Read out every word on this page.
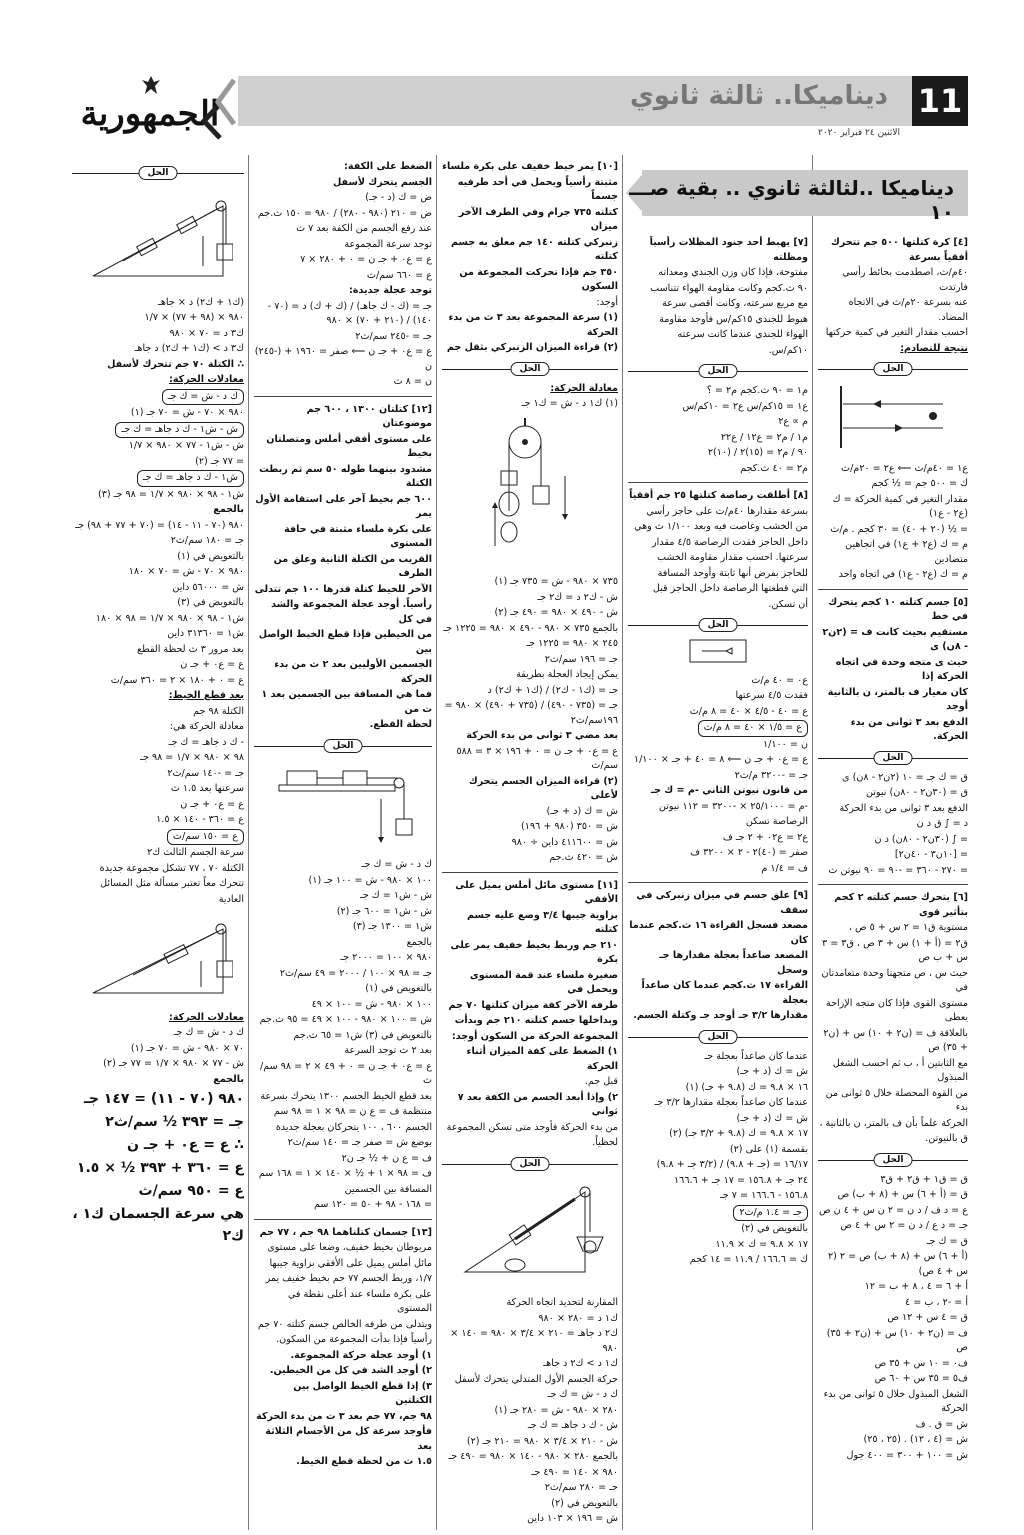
11
ديناميكا.. ثالثة ثانوي
الاثنين ٢٤ فبراير ٢٠٢٠
الجمهورية
ديناميكا ..لثالثة ثانوي .. بقية صـــ ١٠

[٤] كرة كتلتها ٥٠٠ جم تتحرك أفقياً بسرعة

٤٠م/ث، اصطدمت بحائط رأسي فارتدت

عنه بسرعة ٢٠م/ث في الاتجاه المضاد.

احسب مقدار التغير في كمية حركتها

نتيجة للتصادم:

الحل

ع١ = ٤٠م/ث ⟸ ع٢ = ٢٠م/ث

ك = ٥٠٠ جم = ½ كجم

مقدار التغير في كمية الحركة = ك (ع٢ - ع١)

= ½ (٢٠ + ٤٠) = ٣٠ كجم . م/ث

م = ك (ع٢ + ع١) في اتجاهين متضادين

م = ك (ع٢ - ع١) في اتجاه واحد

[٥] جسم كتلته ١٠ كجم يتحرك في خط

مستقيم بحيث كانت ف = (٢ن٢ - ٨ن) ى

حيث ى متجه وحدة في اتجاه الحركة إذا

كان معيار ف بالمتر، ن بالثانية أوجد

الدفع بعد ٣ ثوانى من بدء الحركة.

الحل

ق = ك جـ = ١٠ (٢ن٢ - ٨ن) ى

ق = (٣٠ن٢ - ٨٠ن) نيوتن

الدفع بعد ٣ ثوانى من بدء الحركة

د = ∫ ق د ن

= ∫ (٣٠ن٢ - ٨٠ن) د ن

= [١٠ن٣ - ٤٠ن٢]

= ٢٧٠ - ٣٦٠ = -٩٠ = ٩٠ نيوتن ث

[٦] يتحرك جسم كتلته ٢ كجم بتأثير قوى

مستوية ق١ = ٢ س + ٥ ص ،

ق٢ = (أ + ١) س + ٣ ص ، ق٣ = ٣ س + ب ص

حيث س ، ص متجهتا وحدة متعامدتان في

مستوى القوى فإذا كان متجه الإزاحة يعطى

بالعلاقة ف = (ن٢ + ١٠) س + (ن٢ + ٣٥) ص

مع الثابتين أ ، ب ثم احسب الشغل المبذول

من القوة المحصلة خلال ٥ ثوانى من بدء

الحركة علماً بأن ف بالمتر، ن بالثانية ،

ق بالنيوتن.

الحل

ق = ق١ + ق٢ + ق٣

ق = (أ + ٦) س + (٨ + ب) ص

ع = د ف / د ن = ٢ ن س + ٤ ن ص

جـ = د ع / د ن = ٢ س + ٤ ص

ق = ك جـ

(أ + ٦) س + (٨ + ب) ص = ٢ (٢ س + ٤ ص)

أ + ٦ = ٤ ، ٨ + ب = ١٢

أ = -٢ ، ب = ٤

ق = ٤ س + ١٢ ص

ف = (ن٢ + ١٠) س + (ن٢ + ٣٥) ص

ف٠ = ١٠ س + ٣٥ ص

ف٥ = ٣٥ س + ٦٠ ص

الشغل المبذول خلال ٥ ثوانى من بدء الحركة

ش = ق . ف

ش = (٤ ، ١٢) . (٢٥ ، ٢٥)

ش = ١٠٠ + ٣٠٠ = ٤٠٠ جول

[٧] يهبط أحد جنود المظلات رأسياً ومظلته

مفتوحة، فإذا كان وزن الجندي ومعداته

٩٠ ث.كجم وكانت مقاومة الهواء تتناسب

مع مربع سرعته، وكانت أقصى سرعة

هبوط للجندي ١٥كم/س فأوجد مقاومة

الهواء للجندي عندما كانت سرعته

١٠كم/س.

الحل

م١ = ٩٠ ث.كجم م٢ = ؟

ع١ = ١٥كم/س ع٢ = ١٠كم/س

م ∝ ع٢

م١ / م٢ = ع١٢ / ع٢٢

٩٠ / م٢ = (١٥)٢ / (١٠)٢

م٢ = ٤٠ ث.كجم

[٨] أطلقت رصاصة كتلتها ٢٥ جم أفقياً

بسرعة مقدارها ٤٠م/ث على حاجز رأسي

من الخشب وغاصت فيه وبعد ١/١٠٠ ث وهي

داخل الحاجز فقدت الرصاصة ٤/٥ مقدار

سرعتها. احسب مقدار مقاومة الخشب

للحاجز بفرض أنها ثابتة وأوجد المسافة

التي قطعتها الرصاصة داخل الحاجز قبل

أن تسكن.

الحل

ع٠ = ٤٠ م/ث

فقدت ٤/٥ سرعتها

ع = ٤٠ - ٤/٥ × ٤٠ = ٨ م/ث

ع = ١/٥ × ٤٠ = ٨ م/ث

ن = ١/١٠٠

ع = ع٠ + جـ ن ⟸ ٨ = ٤٠ + جـ × ١/١٠٠

جـ = -٣٢٠٠ م/ث٢

من قانون نيوتن الثاني -م = ك جـ

-م = ٢٥/١٠٠٠ × -٣٢٠٠ = ١١٢ نيوتن

الرصاصة تسكن

ع٢ = ع٠٢ + ٢ جـ ف

صفر = (٤٠)٢ - ٢ × ٣٢٠٠ ف

ف = ١/٤ م

[٩] علق جسم في ميزان زنبركي في سقف

مصعد فسجل القراءة ١٦ ث.كجم عندما كان

المصعد صاعداً بعجلة مقدارها جـ وسجل

القراءة ١٧ ث.كجم عندما كان صاعداً بعجلة

مقدارها ٣/٢ جـ أوجد جـ وكتلة الجسم.

الحل

عندما كان صاعداً بعجلة جـ

ش = ك (د + جـ)

١٦ × ٩.٨ = ك (٩.٨ + جـ) (١)

عندما كان صاعداً بعجلة مقدارها ٣/٢ جـ

ش = ك (د + جـ)

١٧ × ٩.٨ = ك (٩.٨ + ٣/٢ جـ) (٢)

بقسمة (١) على (٢)

١٦/١٧ = (جـ + ٩.٨) / (٣/٢ جـ + ٩.٨)

٢٤ جـ + ١٥٦.٨ = ١٧ جـ + ١٦٦.٦

١٥٦.٨ - ١٦٦.٦ = ٧ جـ

جـ = ١.٤ م/ث٢

بالتعويض في (٢)

١٧ × ٩.٨ = ك × ١١.٩

ك = ١٦٦.٦ / ١١.٩ = ١٤ كجم

[١٠] يمر خيط خفيف على بكرة ملساء

مثبتة رأسياً ويحمل في أحد طرفيه جسماً

كتلته ٧٣٥ جرام وفي الطرف الآخر ميزان

زنبركي كتلته ١٤٠ جم معلق به جسم كتلته

٣٥٠ جم فإذا تحركت المجموعة من السكون

أوجد:

(١) سرعة المجموعة بعد ٣ ث من بدء الحركة

(٢) قراءة الميزان الزنبركي بثقل جم

الحل

معادلة الحركة:

(١) ك١ د - ش = ك١ جـ

٧٣٥ × ٩٨٠ - ش = ٧٣٥ جـ (١)

ش - ك٢ د = ك٢ جـ

ش - ٤٩٠ × ٩٨٠ = ٤٩٠ جـ (٢)

بالجمع ٧٣٥ × ٩٨٠ - ٤٩٠ × ٩٨٠ = ١٢٢٥ جـ

٢٤٥ × ٩٨٠ = ١٢٢٥ جـ

جـ = ١٩٦ سم/ث٢

يمكن إيجاد العجلة بطريقة

جـ = (ك١ - ك٢) / (ك١ + ك٢) د

جـ = (٧٣٥ - ٤٩٠) / (٧٣٥ + ٤٩٠) × ٩٨٠ = ١٩٦سم/ث٢

بعد مضي ٣ ثوانى من بدء الحركة

ع = ع٠ + جـ ن = ٠ + ١٩٦ × ٣ = ٥٨٨ سم/ث

(٢) قراءة الميزان الجسم يتحرك لأعلى

ش = ك (د + جـ)

ش = ٣٥٠ (٩٨٠ + ١٩٦)

ش = ٤١١٦٠٠ داين ÷ ٩٨٠

ش = ٤٢٠ ث.جم

[١١] مستوى مائل أملس يميل على الأفقي

بزاوية جيبها ٣/٤ وضع عليه جسم كتلته

٢١٠ جم وربط بخيط خفيف يمر على بكرة

صغيرة ملساء عند قمة المستوى ويحمل في

طرفه الآخر كفة ميزان كتلتها ٧٠ جم

وبداخلها جسم كتلته ٢١٠ جم وبدأت

المجموعة الحركة من السكون أوجد:

١) الضغط على كفة الميزان أثناء الحركة

قبل جم.

٢) وإذا أبعد الجسم من الكفة بعد ٧ ثواني

من بدء الحركة فأوجد متى تسكن المجموعة

لحظياً.

الحل

المقارنة لتحديد اتجاه الحركة

ك١ د = ٢٨٠ × ٩٨٠

ك٢ د جاهـ = ٢١٠ × ٣/٤ × ٩٨٠ = ١٤٠ × ٩٨٠

ك١ د > ك٢ د جاهـ

حركة الجسم الأول المتدلي يتحرك لأسفل

ك د - ش = ك جـ

٢٨٠ × ٩٨٠ - ش = ٢٨٠ جـ (١)

ش - ك د جاهـ = ك جـ

ش - ٢١٠ × ٣/٤ × ٩٨٠ = ٢١٠ جـ (٢)

بالجمع ٢٨٠ × ٩٨٠ - ١٤٠ × ٩٨٠ = ٤٩٠ جـ

٩٨٠ × ١٤٠ = ٤٩٠ جـ

جـ = ٢٨٠ سم/ث٢

بالتعويض في (٢)

ش = ١٩٦ × ١٠٣ داين

الضغط على الكفة:

الجسم يتحرك لأسفل

ض = ك (د - جـ)

ض = ٢١٠ (٩٨٠ - ٢٨٠) / ٩٨٠ = ١٥٠ ث.جم

عند رفع الجسم من الكفة بعد ٧ ث

توجد سرعة المجموعة

ع = ع٠ + جـ ن = ٠ + ٢٨٠ × ٧

ع = ٦٦٠ سم/ث

توجد عجلة جديدة:

جـ = (ك - ك جاهـ) / (ك + ك) د = (٧٠ - ١٤٠) / (٢١٠ + ٧٠) × ٩٨٠

جـ = -٢٤٥ سم/ث٢

ع = ع٠ + جـ ن ⟸ صفر = ١٩٦٠ + (-٢٤٥) ن

ن = ٨ ث

[١٢] كتلتان ١٣٠٠ ، ٦٠٠ جم موضوعتان

على مستوى أفقي أملس ومتصلتان بخيط

مشدود بينهما طوله ٥٠ سم ثم ربطت الكتلة

٦٠٠ جم بخيط آخر على استقامة الأول يمر

على بكرة ملساء مثبتة في حافة المستوى

القريب من الكتلة الثانية وعلق من الطرف

الآخر للخيط كتلة قدرها ١٠٠ جم تتدلى

رأسياً. أوجد عجلة المجموعة والشد في كل

من الخيطين فإذا قطع الخيط الواصل بين

الجسمين الأوليين بعد ٢ ث من بدء الحركة

فما هي المسافة بين الجسمين بعد ١ ث من

لحظة القطع.

الحل

ك د - ش = ك جـ

١٠٠ × ٩٨٠ - ش = ١٠٠ جـ (١)

ش - ش١ = ك جـ

ش - ش١ = ٦٠٠ جـ (٢)

ش١ = ١٣٠٠ جـ (٣)

بالجمع

٩٨٠ × ١٠٠ = ٢٠٠٠ جـ

جـ = ٩٨ × ١٠٠ / ٢٠٠٠ = ٤٩ سم/ث٢

بالتعويض في (١)

١٠٠ × ٩٨٠ - ش = ١٠٠ × ٤٩

ش = ١٠٠ × ٩٨٠ - ١٠٠ × ٤٩ = ٩٥ ث.جم

بالتعويض في (٣) ش١ = ٦٥ ث.جم

بعد ٢ ث توجد السرعة

ع = ع٠ + جـ ن = ٠ + ٤٩ × ٢ = ٩٨ سم/ث

بعد قطع الخيط الجسم ١٣٠٠ يتحرك بسرعة

منتظمة ف = ع ن = ٩٨ × ١ = ٩٨ سم

الجسم ٦٠٠ ، ١٠٠ يتحركان بعجلة جديدة

بوضع ش = صفر جـ = ١٤٠ سم/ث٢

ف = ع ن + ½ جـ ن٢

ف = ٩٨ × ١ + ½ × ١٤٠ × ١ = ١٦٨ سم

المسافة بين الجسمين

= ١٦٨ - ٩٨ + ٥٠ = ١٢٠ سم

[١٣] جسمان كتلتاهما ٩٨ جم ، ٧٧ جم

مربوطان بخيط خفيف، وضعا على مستوى

مائل أملس يميل على الأفقي بزاوية جيبها

١/٧، وربط الجسم ٧٧ جم بخيط خفيف يمر

على بكرة ملساء عند أعلى نقطة في المستوى

ويتدلى من طرفه الخالص جسم كتلته ٧٠ جم

رأسياً فإذا بدأت المجموعة من السكون.

١) أوجد عجلة حركة المجموعة.

٢) أوجد الشد في كل من الخيطين.

٣) إذا قطع الخيط الواصل بين الكتلتين

٩٨ جم، ٧٧ جم بعد ٣ ث من بدء الحركة

فأوجد سرعة كل من الأجسام الثلاثة بعد

١.٥ ث من لحظة قطع الخيط.

الحل

(ك١ + ك٢) د × جاهـ

٩٨٠ × (٩٨ + ٧٧) × ١/٧

ك٣ د = ٧٠ × ٩٨٠

ك٣ د > (ك١ + ك٢) د جاهـ

∴ الكتلة ٧٠ جم تتحرك لأسفل

معادلات الحركة:

ك د - ش = ك جـ

٩٨٠ × ٧٠ - ش = ٧٠ جـ (١)

ش - ش١ - ك د جاهـ = ك جـ

ش - ش١ - ٧٧ × ٩٨٠ × ١/٧

= ٧٧ جـ (٢)

ش١ - ك د جاهـ = ك جـ

ش١ - ٩٨ × ٩٨٠ × ١/٧ = ٩٨ جـ (٣)

بالجمع

٩٨٠ (٧٠ - ١١ - ١٤) = (٧٠ + ٧٧ + ٩٨) جـ

جـ = ١٨٠ سم/ث٢

بالتعويض في (١)

٩٨٠ × ٧٠ - ش = ٧٠ × ١٨٠

ش = ٥٦٠٠٠ داين

بالتعويض في (٣)

ش١ - ٩٨ × ٩٨٠ × ١/٧ = ٩٨ × ١٨٠

ش١ = ٣١٣٦٠ داين

بعد مرور ٣ ث لحظة القطع

ع = ع٠ + جـ ن

ع = ٠ + ١٨٠ × ٢ = ٣٦٠ سم/ث

بعد قطع الخيط:

الكتلة ٩٨ جم

معادلة الحركة هي:

- ك د جاهـ = ك جـ

٩٨ × ٩٨٠ × ١/٧ = ٩٨ جـ

جـ = -١٤٠ سم/ث٢

سرعتها بعد ١.٥ ث

ع = ع٠ + جـ ن

ع = ٣٦٠ - ١٤٠ × ١.٥

ع = ١٥٠ سم/ث

سرعة الجسم الثالث ك٢

الكتلة ٧٠ ، ٧٧ تشكل مجموعة جديدة

تتحرك معاً تعتبر مسألة مثل المسائل

العادية

معادلات الحركة:

ك د - ش = ك جـ

٧٠ × ٩٨٠ - ش = ٧٠ جـ (١)

ش - ٧٧ × ٩٨٠ × ١/٧ = ٧٧ جـ (٢)

بالجمع

٩٨٠ (٧٠ - ١١) = ١٤٧ جـ

جـ = ٣٩٣ ½ سم/ث٢

∴ ع = ع٠ + جـ ن

ع = ٣٦٠ + ٣٩٣ ½ × ١.٥

ع = ٩٥٠ سم/ث

هي سرعة الجسمان ك١ ، ك٢
